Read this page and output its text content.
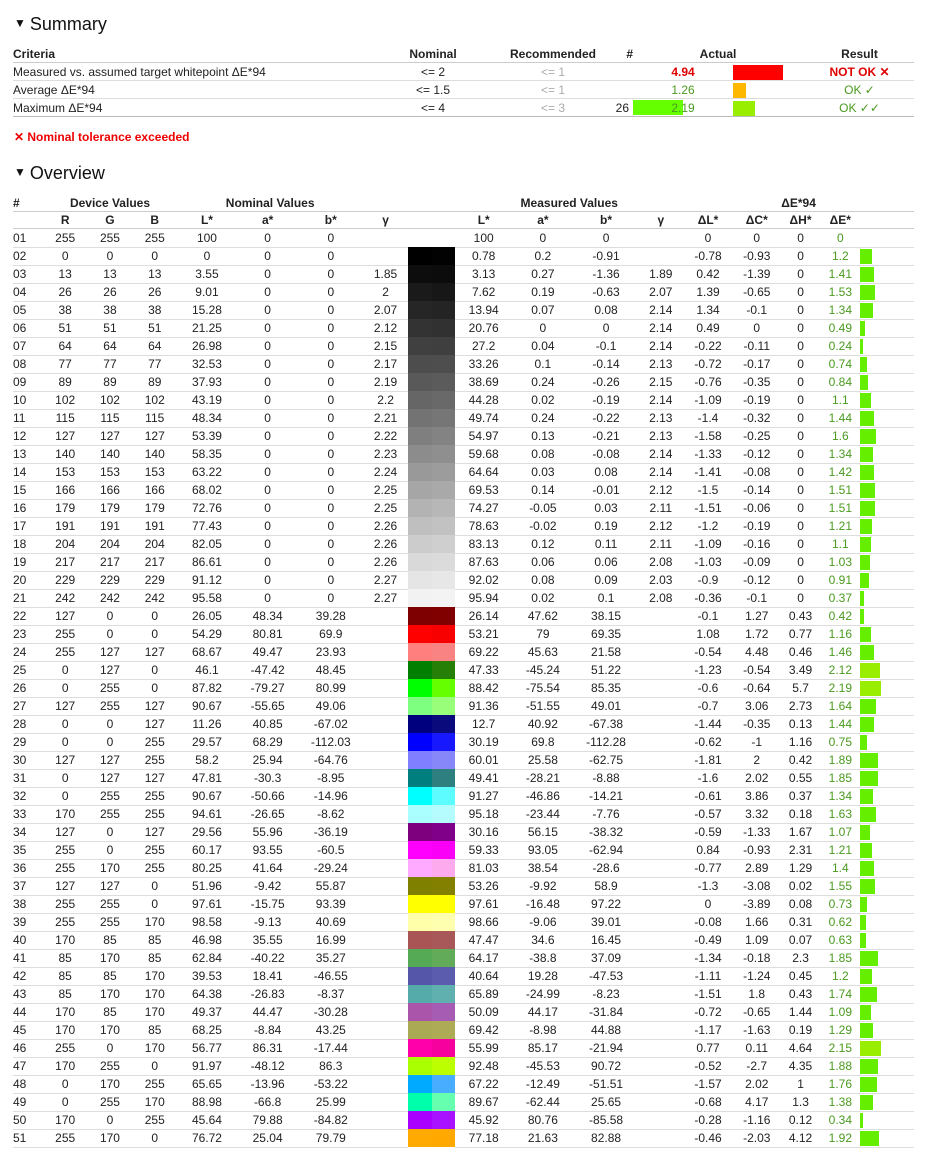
▼ Summary
Criteria	Nominal	Recommended	#	Actual			Result
Measured vs. assumed target whitepoint ΔE*94	<= 2	<= 1		4.94			NOT OK ✕
Average ΔE*94	<= 1.5	<= 1		1.26			OK ✓
Maximum ΔE*94	<= 4	<= 3	26	2.19			OK ✓✓
✕ Nominal tolerance exceeded
▼ Overview
#	Device Values			Nominal Values						Measured Values				ΔE*94				
	R	G	B	L*	a*	b*	γ			L*	a*	b*	γ	ΔL*	ΔC*	ΔH*	ΔE*	
01	255	255	255	100	0	0				100	0	0		0	0	0	0	

02	0	0	0	0	0	0				0.78	0.2	-0.91		-0.78	-0.93	0	1.2	

03	13	13	13	3.55	0	0	1.85			3.13	0.27	-1.36	1.89	0.42	-1.39	0	1.41	

04	26	26	26	9.01	0	0	2			7.62	0.19	-0.63	2.07	1.39	-0.65	0	1.53	

05	38	38	38	15.28	0	0	2.07			13.94	0.07	0.08	2.14	1.34	-0.1	0	1.34	

06	51	51	51	21.25	0	0	2.12			20.76	0	0	2.14	0.49	0	0	0.49	

07	64	64	64	26.98	0	0	2.15			27.2	0.04	-0.1	2.14	-0.22	-0.11	0	0.24	

08	77	77	77	32.53	0	0	2.17			33.26	0.1	-0.14	2.13	-0.72	-0.17	0	0.74	

09	89	89	89	37.93	0	0	2.19			38.69	0.24	-0.26	2.15	-0.76	-0.35	0	0.84	

10	102	102	102	43.19	0	0	2.2			44.28	0.02	-0.19	2.14	-1.09	-0.19	0	1.1	

11	115	115	115	48.34	0	0	2.21			49.74	0.24	-0.22	2.13	-1.4	-0.32	0	1.44	

12	127	127	127	53.39	0	0	2.22			54.97	0.13	-0.21	2.13	-1.58	-0.25	0	1.6	

13	140	140	140	58.35	0	0	2.23			59.68	0.08	-0.08	2.14	-1.33	-0.12	0	1.34	

14	153	153	153	63.22	0	0	2.24			64.64	0.03	0.08	2.14	-1.41	-0.08	0	1.42	

15	166	166	166	68.02	0	0	2.25			69.53	0.14	-0.01	2.12	-1.5	-0.14	0	1.51	

16	179	179	179	72.76	0	0	2.25			74.27	-0.05	0.03	2.11	-1.51	-0.06	0	1.51	

17	191	191	191	77.43	0	0	2.26			78.63	-0.02	0.19	2.12	-1.2	-0.19	0	1.21	

18	204	204	204	82.05	0	0	2.26			83.13	0.12	0.11	2.11	-1.09	-0.16	0	1.1	

19	217	217	217	86.61	0	0	2.26			87.63	0.06	0.06	2.08	-1.03	-0.09	0	1.03	

20	229	229	229	91.12	0	0	2.27			92.02	0.08	0.09	2.03	-0.9	-0.12	0	0.91	

21	242	242	242	95.58	0	0	2.27			95.94	0.02	0.1	2.08	-0.36	-0.1	0	0.37	

22	127	0	0	26.05	48.34	39.28				26.14	47.62	38.15		-0.1	1.27	0.43	0.42	

23	255	0	0	54.29	80.81	69.9				53.21	79	69.35		1.08	1.72	0.77	1.16	

24	255	127	127	68.67	49.47	23.93				69.22	45.63	21.58		-0.54	4.48	0.46	1.46	

25	0	127	0	46.1	-47.42	48.45				47.33	-45.24	51.22		-1.23	-0.54	3.49	2.12	

26	0	255	0	87.82	-79.27	80.99				88.42	-75.54	85.35		-0.6	-0.64	5.7	2.19	

27	127	255	127	90.67	-55.65	49.06				91.36	-51.55	49.01		-0.7	3.06	2.73	1.64	

28	0	0	127	11.26	40.85	-67.02				12.7	40.92	-67.38		-1.44	-0.35	0.13	1.44	

29	0	0	255	29.57	68.29	-112.03				30.19	69.8	-112.28		-0.62	-1	1.16	0.75	

30	127	127	255	58.2	25.94	-64.76				60.01	25.58	-62.75		-1.81	2	0.42	1.89	

31	0	127	127	47.81	-30.3	-8.95				49.41	-28.21	-8.88		-1.6	2.02	0.55	1.85	

32	0	255	255	90.67	-50.66	-14.96				91.27	-46.86	-14.21		-0.61	3.86	0.37	1.34	

33	170	255	255	94.61	-26.65	-8.62				95.18	-23.44	-7.76		-0.57	3.32	0.18	1.63	

34	127	0	127	29.56	55.96	-36.19				30.16	56.15	-38.32		-0.59	-1.33	1.67	1.07	

35	255	0	255	60.17	93.55	-60.5				59.33	93.05	-62.94		0.84	-0.93	2.31	1.21	

36	255	170	255	80.25	41.64	-29.24				81.03	38.54	-28.6		-0.77	2.89	1.29	1.4	

37	127	127	0	51.96	-9.42	55.87				53.26	-9.92	58.9		-1.3	-3.08	0.02	1.55	

38	255	255	0	97.61	-15.75	93.39				97.61	-16.48	97.22		0	-3.89	0.08	0.73	

39	255	255	170	98.58	-9.13	40.69				98.66	-9.06	39.01		-0.08	1.66	0.31	0.62	

40	170	85	85	46.98	35.55	16.99				47.47	34.6	16.45		-0.49	1.09	0.07	0.63	

41	85	170	85	62.84	-40.22	35.27				64.17	-38.8	37.09		-1.34	-0.18	2.3	1.85	

42	85	85	170	39.53	18.41	-46.55				40.64	19.28	-47.53		-1.11	-1.24	0.45	1.2	

43	85	170	170	64.38	-26.83	-8.37				65.89	-24.99	-8.23		-1.51	1.8	0.43	1.74	

44	170	85	170	49.37	44.47	-30.28				50.09	44.17	-31.84		-0.72	-0.65	1.44	1.09	

45	170	170	85	68.25	-8.84	43.25				69.42	-8.98	44.88		-1.17	-1.63	0.19	1.29	

46	255	0	170	56.77	86.31	-17.44				55.99	85.17	-21.94		0.77	0.11	4.64	2.15	

47	170	255	0	91.97	-48.12	86.3				92.48	-45.53	90.72		-0.52	-2.7	4.35	1.88	

48	0	170	255	65.65	-13.96	-53.22				67.22	-12.49	-51.51		-1.57	2.02	1	1.76	

49	0	255	170	88.98	-66.8	25.99				89.67	-62.44	25.65		-0.68	4.17	1.3	1.38	

50	170	0	255	45.64	79.88	-84.82				45.92	80.76	-85.58		-0.28	-1.16	0.12	0.34	

51	255	170	0	76.72	25.04	79.79				77.18	21.63	82.88		-0.46	-2.03	4.12	1.92	
